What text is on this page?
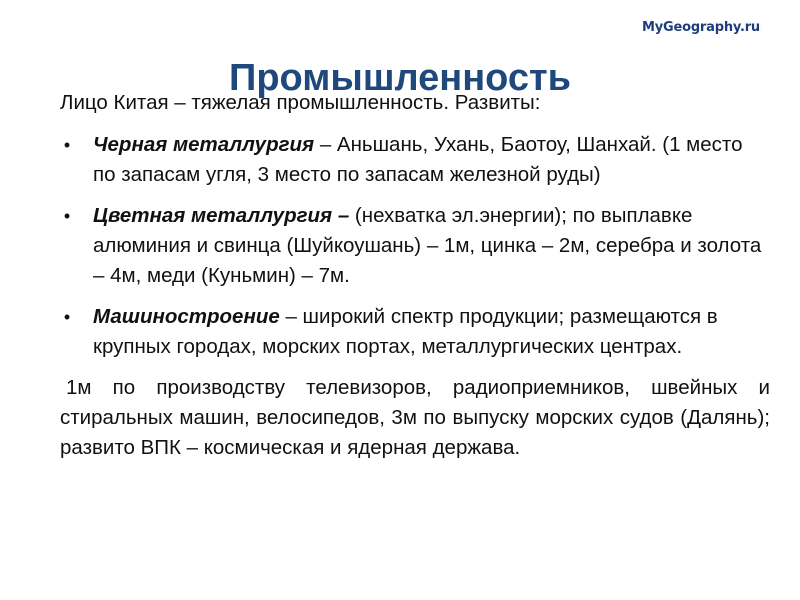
MyGeography.ru
Промышленность

Лицо Китая – тяжелая промышленность. Развиты:

• Черная металлургия – Аньшань, Ухань, Баотоу, Шанхай. (1 место по запасам угля, 3 место по запасам железной руды)
• Цветная металлургия – (нехватка эл.энергии); по выплавке алюминия и свинца (Шуйкоушань) – 1м, цинка – 2м, серебра и золота – 4м, меди (Куньмин) – 7м.
• Машиностроение – широкий спектр продукции; размещаются в крупных городах, морских портах, металлургических центрах.

1м по производству телевизоров, радиоприемников, швейных и стиральных машин, велосипедов, 3м по выпуску морских судов (Далянь); развито ВПК – космическая и ядерная держава.
